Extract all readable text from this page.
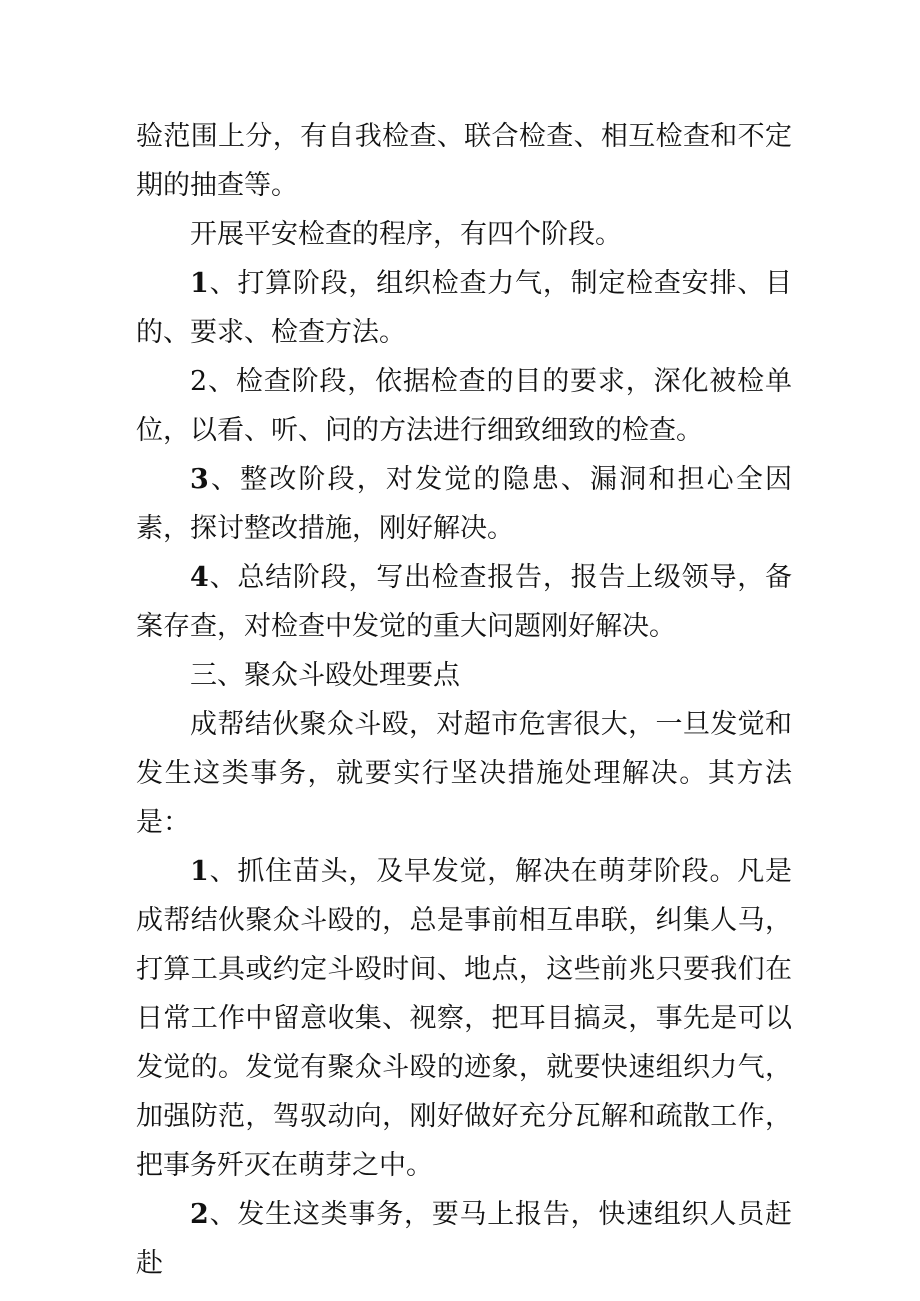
验范围上分，有自我检查、联合检查、相互检查和不定期的抽查等。

开展平安检查的程序，有四个阶段。

1、打算阶段，组织检查力气，制定检查安排、目的、要求、检查方法。

2、检查阶段，依据检查的目的要求，深化被检单位，以看、听、问的方法进行细致细致的检查。

3、整改阶段，对发觉的隐患、漏洞和担心全因素，探讨整改措施，刚好解决。

4、总结阶段，写出检查报告，报告上级领导，备案存查，对检查中发觉的重大问题刚好解决。

三、聚众斗殴处理要点

成帮结伙聚众斗殴，对超市危害很大，一旦发觉和发生这类事务，就要实行坚决措施处理解决。其方法是：

1、抓住苗头，及早发觉，解决在萌芽阶段。凡是成帮结伙聚众斗殴的，总是事前相互串联，纠集人马，打算工具或约定斗殴时间、地点，这些前兆只要我们在日常工作中留意收集、视察，把耳目搞灵，事先是可以发觉的。发觉有聚众斗殴的迹象，就要快速组织力气，加强防范，驾驭动向，刚好做好充分瓦解和疏散工作，把事务歼灭在萌芽之中。

2、发生这类事务，要马上报告，快速组织人员赶赴
